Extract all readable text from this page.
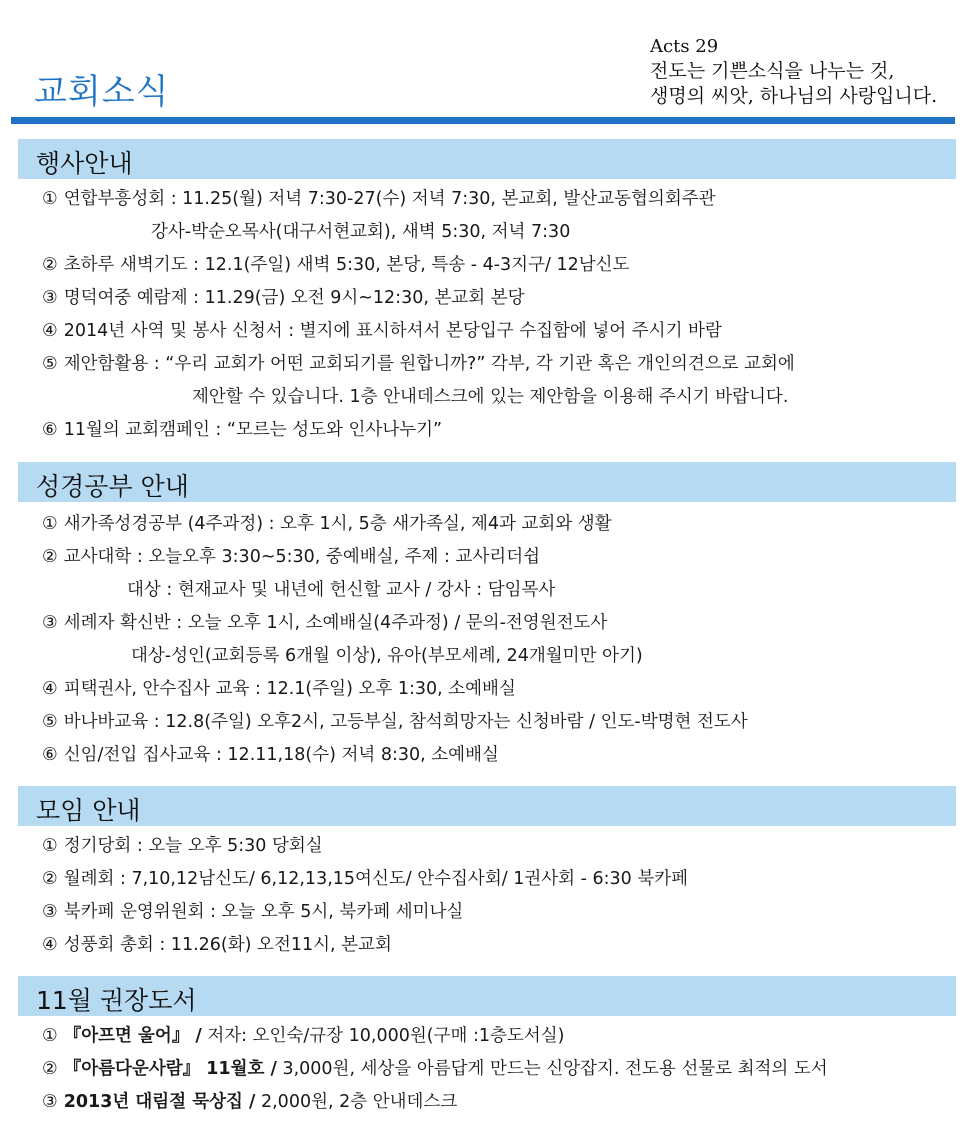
교회소식
Acts 29
전도는 기쁜소식을 나누는 것,
생명의 씨앗, 하나님의 사랑입니다.
행사안내
① 연합부흥성회 : 11.25(월) 저녁 7:30-27(수) 저녁 7:30, 본교회, 발산교동협의회주관
강사-박순오목사(대구서현교회), 새벽 5:30, 저녁 7:30
② 초하루 새벽기도 : 12.1(주일) 새벽 5:30, 본당, 특송 - 4-3지구/ 12남신도
③ 명덕여중 예람제 : 11.29(금) 오전 9시~12:30, 본교회 본당
④ 2014년 사역 및 봉사 신청서 : 별지에 표시하셔서 본당입구 수집함에 넣어 주시기 바람
⑤ 제안함활용 : “우리 교회가 어떤 교회되기를 원합니까?” 각부, 각 기관 혹은 개인의견으로 교회에
제안할 수 있습니다. 1층 안내데스크에 있는 제안함을 이용해 주시기 바랍니다.
⑥ 11월의 교회캠페인 : “모르는 성도와 인사나누기”
성경공부 안내
① 새가족성경공부 (4주과정) : 오후 1시, 5층 새가족실, 제4과 교회와 생활
② 교사대학 : 오늘오후 3:30~5:30, 중예배실, 주제 : 교사리더쉽
대상 : 현재교사 및 내년에 헌신할 교사 / 강사 : 담임목사
③ 세례자 확신반 : 오늘 오후 1시, 소예배실(4주과정) / 문의-전영원전도사
대상-성인(교회등록 6개월 이상), 유아(부모세례, 24개월미만 아기)
④ 피택권사, 안수집사 교육 : 12.1(주일) 오후 1:30, 소예배실
⑤ 바나바교육 : 12.8(주일) 오후2시, 고등부실, 참석희망자는 신청바람 / 인도-박명현 전도사
⑥ 신임/전입 집사교육 : 12.11,18(수) 저녁 8:30, 소예배실
모임 안내
① 정기당회 : 오늘 오후 5:30 당회실
② 월례회 : 7,10,12남신도/ 6,12,13,15여신도/ 안수집사회/ 1권사회 - 6:30 북카페
③ 북카페 운영위원회 : 오늘 오후 5시, 북카페 세미나실
④ 성풍회 총회 : 11.26(화) 오전11시, 본교회
11월 권장도서
① 『아프면 울어』 / 저자: 오인숙/규장 10,000원(구매 :1층도서실)
② 『아름다운사람』 11월호 / 3,000원, 세상을 아름답게 만드는 신앙잡지. 전도용 선물로 최적의 도서
③ 2013년 대림절 묵상집 / 2,000원, 2층 안내데스크
